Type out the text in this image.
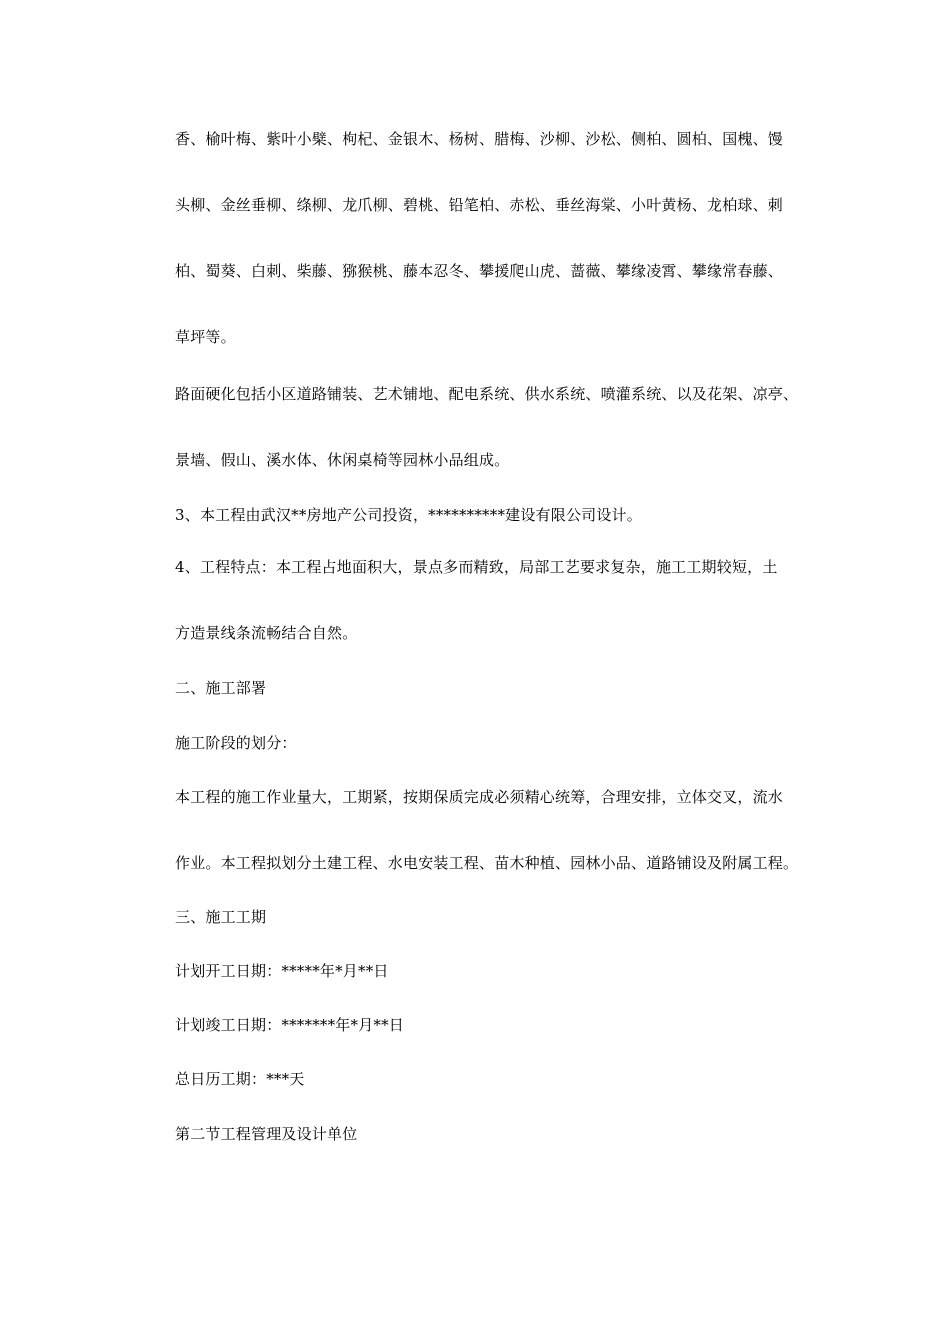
香、榆叶梅、紫叶小檗、枸杞、金银木、杨树、腊梅、沙柳、沙松、侧柏、圆柏、国槐、馒
头柳、金丝垂柳、绦柳、龙爪柳、碧桃、铅笔柏、赤松、垂丝海棠、小叶黄杨、龙柏球、刺
柏、蜀葵、白刺、柴藤、猕猴桃、藤本忍冬、攀援爬山虎、蔷薇、攀缘凌霄、攀缘常春藤、
草坪等。
路面硬化包括小区道路铺装、艺术铺地、配电系统、供水系统、喷灌系统、以及花架、凉亭、
景墙、假山、溪水体、休闲桌椅等园林小品组成。
3、本工程由武汉**房地产公司投资，**********建设有限公司设计。
4、工程特点：本工程占地面积大，景点多而精致，局部工艺要求复杂，施工工期较短，土
方造景线条流畅结合自然。
二、施工部署
施工阶段的划分：
本工程的施工作业量大，工期紧，按期保质完成必须精心统筹，合理安排，立体交叉，流水
作业。本工程拟划分土建工程、水电安装工程、苗木种植、园林小品、道路铺设及附属工程。
三、施工工期
计划开工日期：*****年*月**日
计划竣工日期：*******年*月**日
总日历工期：***天
第二节工程管理及设计单位
